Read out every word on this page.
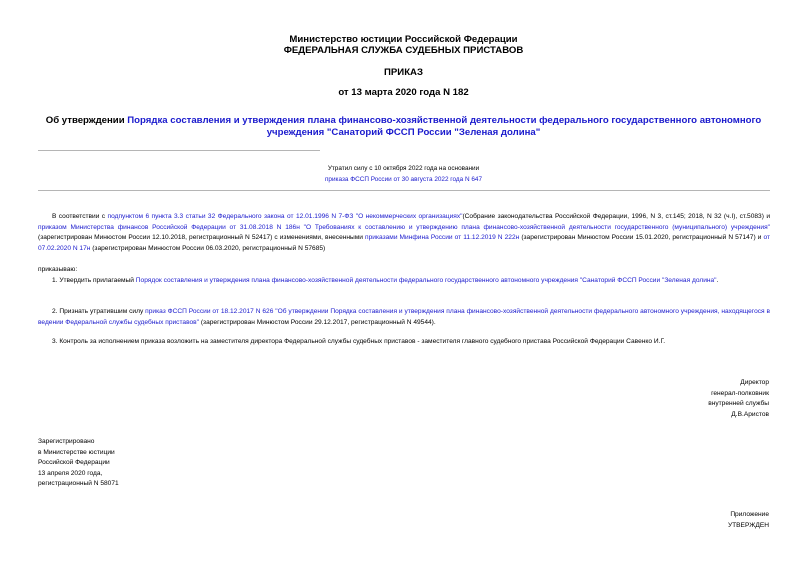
Министерство юстиции Российской Федерации
ФЕДЕРАЛЬНАЯ СЛУЖБА СУДЕБНЫХ ПРИСТАВОВ
ПРИКАЗ
от 13 марта 2020 года N 182
Об утверждении Порядка составления и утверждения плана финансово-хозяйственной деятельности федерального государственного автономного учреждения "Санаторий ФССП России "Зеленая долина"
Утратил силу с 10 октября 2022 года на основании
приказа ФССП России от 30 августа 2022 года N 647
В соответствии с подпунктом 6 пункта 3.3 статьи 32 Федерального закона от 12.01.1996 N 7-ФЗ "О некоммерческих организациях"(Собрание законодательства Российской Федерации, 1996, N 3, ст.145; 2018, N 32 (ч.I), ст.5083) и приказом Министерства финансов Российской Федерации от 31.08.2018 N 186н "О Требованиях к составлению и утверждению плана финансово-хозяйственной деятельности государственного (муниципального) учреждения" (зарегистрирован Минюстом России 12.10.2018, регистрационный N 52417) с изменениями, внесенными приказами Минфина России от 11.12.2019 N 222н (зарегистрирован Минюстом России 15.01.2020, регистрационный N 57147) и от 07.02.2020 N 17н (зарегистрирован Минюстом России 06.03.2020, регистрационный N 57685)
приказываю:
1. Утвердить прилагаемый Порядок составления и утверждения плана финансово-хозяйственной деятельности федерального государственного автономного учреждения "Санаторий ФССП России "Зеленая долина".
2. Признать утратившим силу приказ ФССП России от 18.12.2017 N 626 "Об утверждении Порядка составления и утверждения плана финансово-хозяйственной деятельности федерального автономного учреждения, находящегося в ведении Федеральной службы судебных приставов" (зарегистрирован Минюстом России 29.12.2017, регистрационный N 49544).
3. Контроль за исполнением приказа возложить на заместителя директора Федеральной службы судебных приставов - заместителя главного судебного пристава Российской Федерации Савенко И.Г.
Директор
генерал-полковник
внутренней службы
Д.В.Аристов
Зарегистрировано
в Министерстве юстиции
Российской Федерации
13 апреля 2020 года,
регистрационный N 58071
Приложение
УТВЕРЖДЕН
